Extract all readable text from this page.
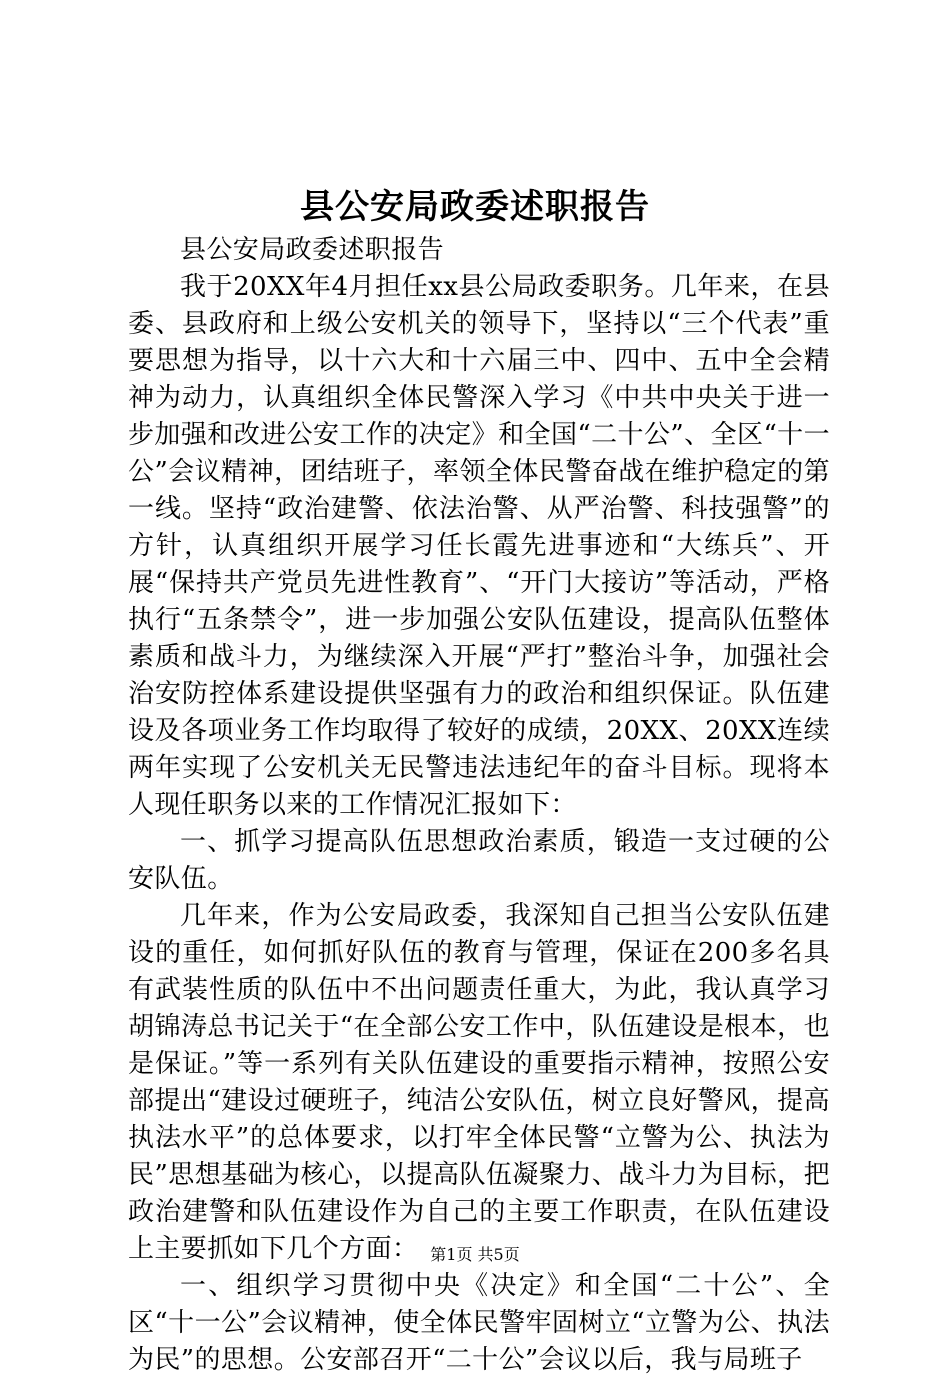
县公安局政委述职报告

县公安局政委述职报告

我于20XX年4月担任xx县公局政委职务。几年来，在县委、县政府和上级公安机关的领导下，坚持以“三个代表”重要思想为指导，以十六大和十六届三中、四中、五中全会精神为动力，认真组织全体民警深入学习《中共中央关于进一步加强和改进公安工作的决定》和全国“二十公”、全区“十一公”会议精神，团结班子，率领全体民警奋战在维护稳定的第一线。坚持“政治建警、依法治警、从严治警、科技强警”的方针，认真组织开展学习任长霞先进事迹和“大练兵”、开展“保持共产党员先进性教育”、“开门大接访”等活动，严格执行“五条禁令”，进一步加强公安队伍建设，提高队伍整体素质和战斗力，为继续深入开展“严打”整治斗争，加强社会治安防控体系建设提供坚强有力的政治和组织保证。队伍建设及各项业务工作均取得了较好的成绩，20XX、20XX连续两年实现了公安机关无民警违法违纪年的奋斗目标。现将本人现任职务以来的工作情况汇报如下：

一、抓学习提高队伍思想政治素质，锻造一支过硬的公安队伍。

几年来，作为公安局政委，我深知自己担当公安队伍建设的重任，如何抓好队伍的教育与管理，保证在200多名具有武装性质的队伍中不出问题责任重大，为此，我认真学习胡锦涛总书记关于“在全部公安工作中，队伍建设是根本，也是保证。”等一系列有关队伍建设的重要指示精神，按照公安部提出“建设过硬班子，纯洁公安队伍，树立良好警风，提高执法水平”的总体要求，以打牢全体民警“立警为公、执法为民”思想基础为核心，以提高队伍凝聚力、战斗力为目标，把政治建警和队伍建设作为自己的主要工作职责，在队伍建设上主要抓如下几个方面：

一、组织学习贯彻中央《决定》和全国“二十公”、全区“十一公”会议精神，使全体民警牢固树立“立警为公、执法为民”的思想。公安部召开“二十公”会议以后，我与局班子

第1页 共5页
